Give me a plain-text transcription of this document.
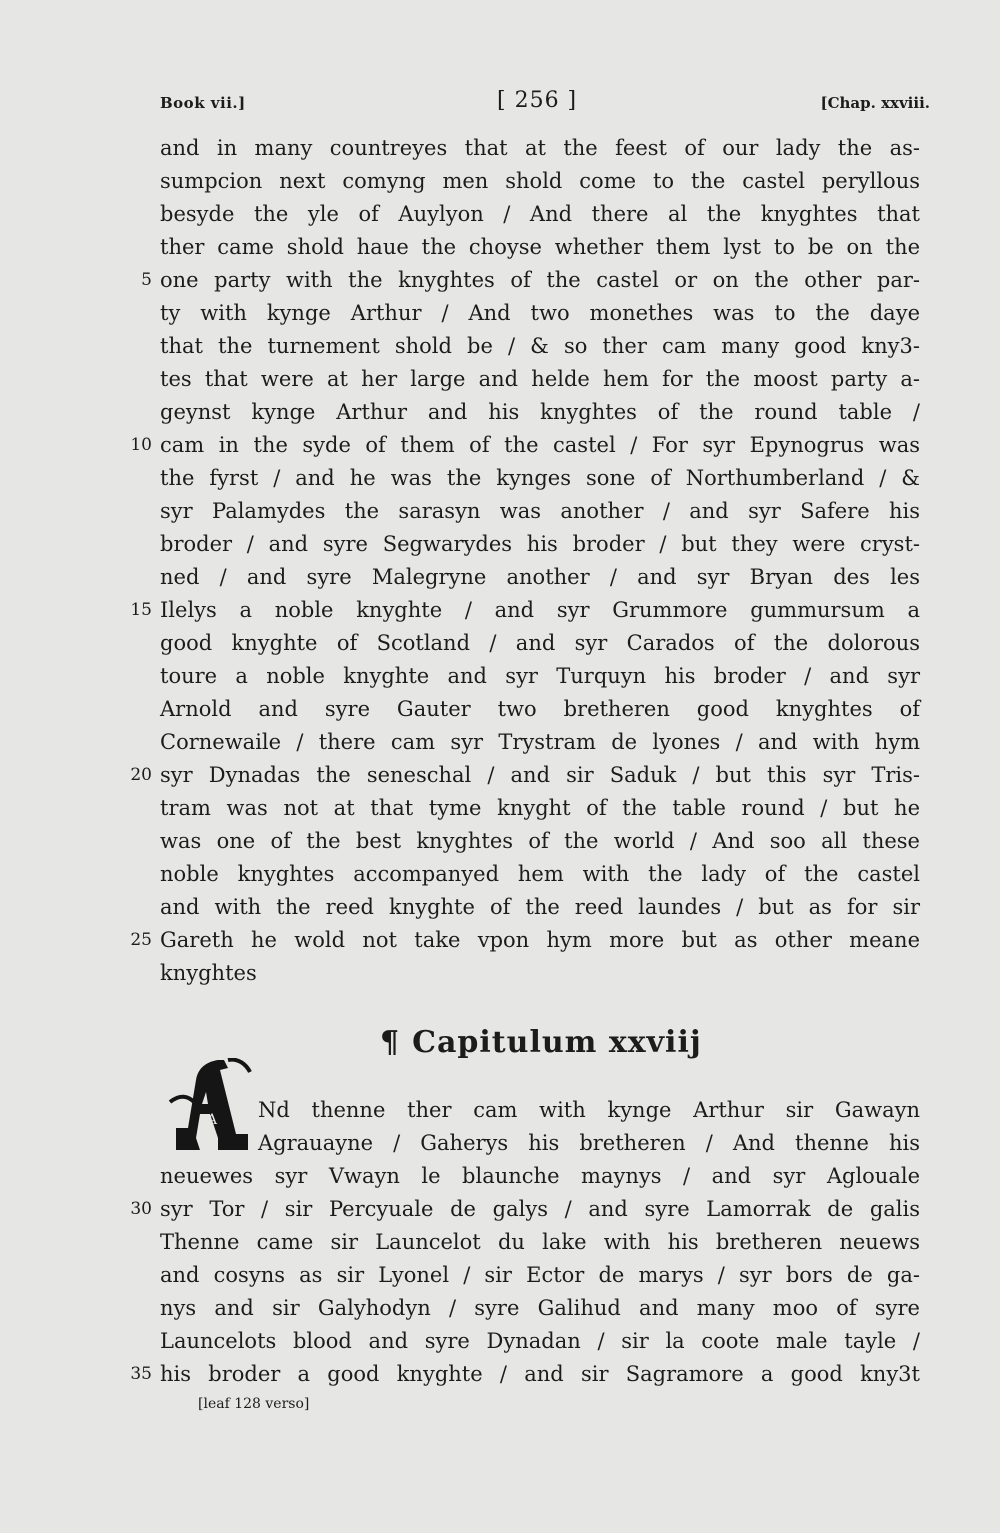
Book vii.]	[ 256 ]	[Chap. xxviii.
and in many countreyes that at the feest of our lady the as-
sumpcion next comyng men shold come to the castel peryllous
besyde the yle of Auylyon / And there al the knyghtes that
ther came shold haue the choyse whether them lyst to be on the
5 one party with the knyghtes of the castel or on the other par-
ty with kynge Arthur / And two monethes was to the daye
that the turnement shold be / & so ther cam many good kny3-
tes that were at her large and helde hem for the moost party a-
geynst kynge Arthur and his knyghtes of the round table /
10 cam in the syde of them of the castel / For syr Epynogrus was
the fyrst / and he was the kynges sone of Northumberland / &
syr Palamydes the sarasyn was another / and syr Safere his
broder / and syre Segwarydes his broder / but they were cryst-
ned / and syre Malegryne another / and syr Bryan des les
15 Ilelys a noble knyghte / and syr Grummore gummursum a
good knyghte of Scotland / and syr Carados of the dolorous
toure a noble knyghte and syr Turquyn his broder / and syr
Arnold and syre Gauter two bretheren good knyghtes of
Cornewaile / there cam syr Trystram de lyones / and with hym
20 syr Dynadas the seneschal / and sir Saduk / but this syr Tris-
tram was not at that tyme knyght of the table round / but he
was one of the best knyghtes of the world / And soo all these
noble knyghtes accompanyed hem with the lady of the castel
and with the reed knyghte of the reed laundes / but as for sir
25 Gareth he wold not take vpon hym more but as other meane
knyghtes
¶ Capitulum xxviij
A	Nd thenne ther cam with kynge Arthur sir Gawayn
Agrauayne / Gaherys his bretheren / And thenne his
neuewes syr Vwayn le blaunche maynys / and syr Aglouale
30 syr Tor / sir Percyuale de galys / and syre Lamorrak de galis
Thenne came sir Launcelot du lake with his bretheren neuews
and cosyns as sir Lyonel / sir Ector de marys / syr bors de ga-
nys and sir Galyhodyn / syre Galihud and many moo of syre
Launcelots blood and syre Dynadan / sir la coote male tayle /
35 his broder a good knyghte / and sir Sagramore a good kny3t
[leaf 128 verso]
